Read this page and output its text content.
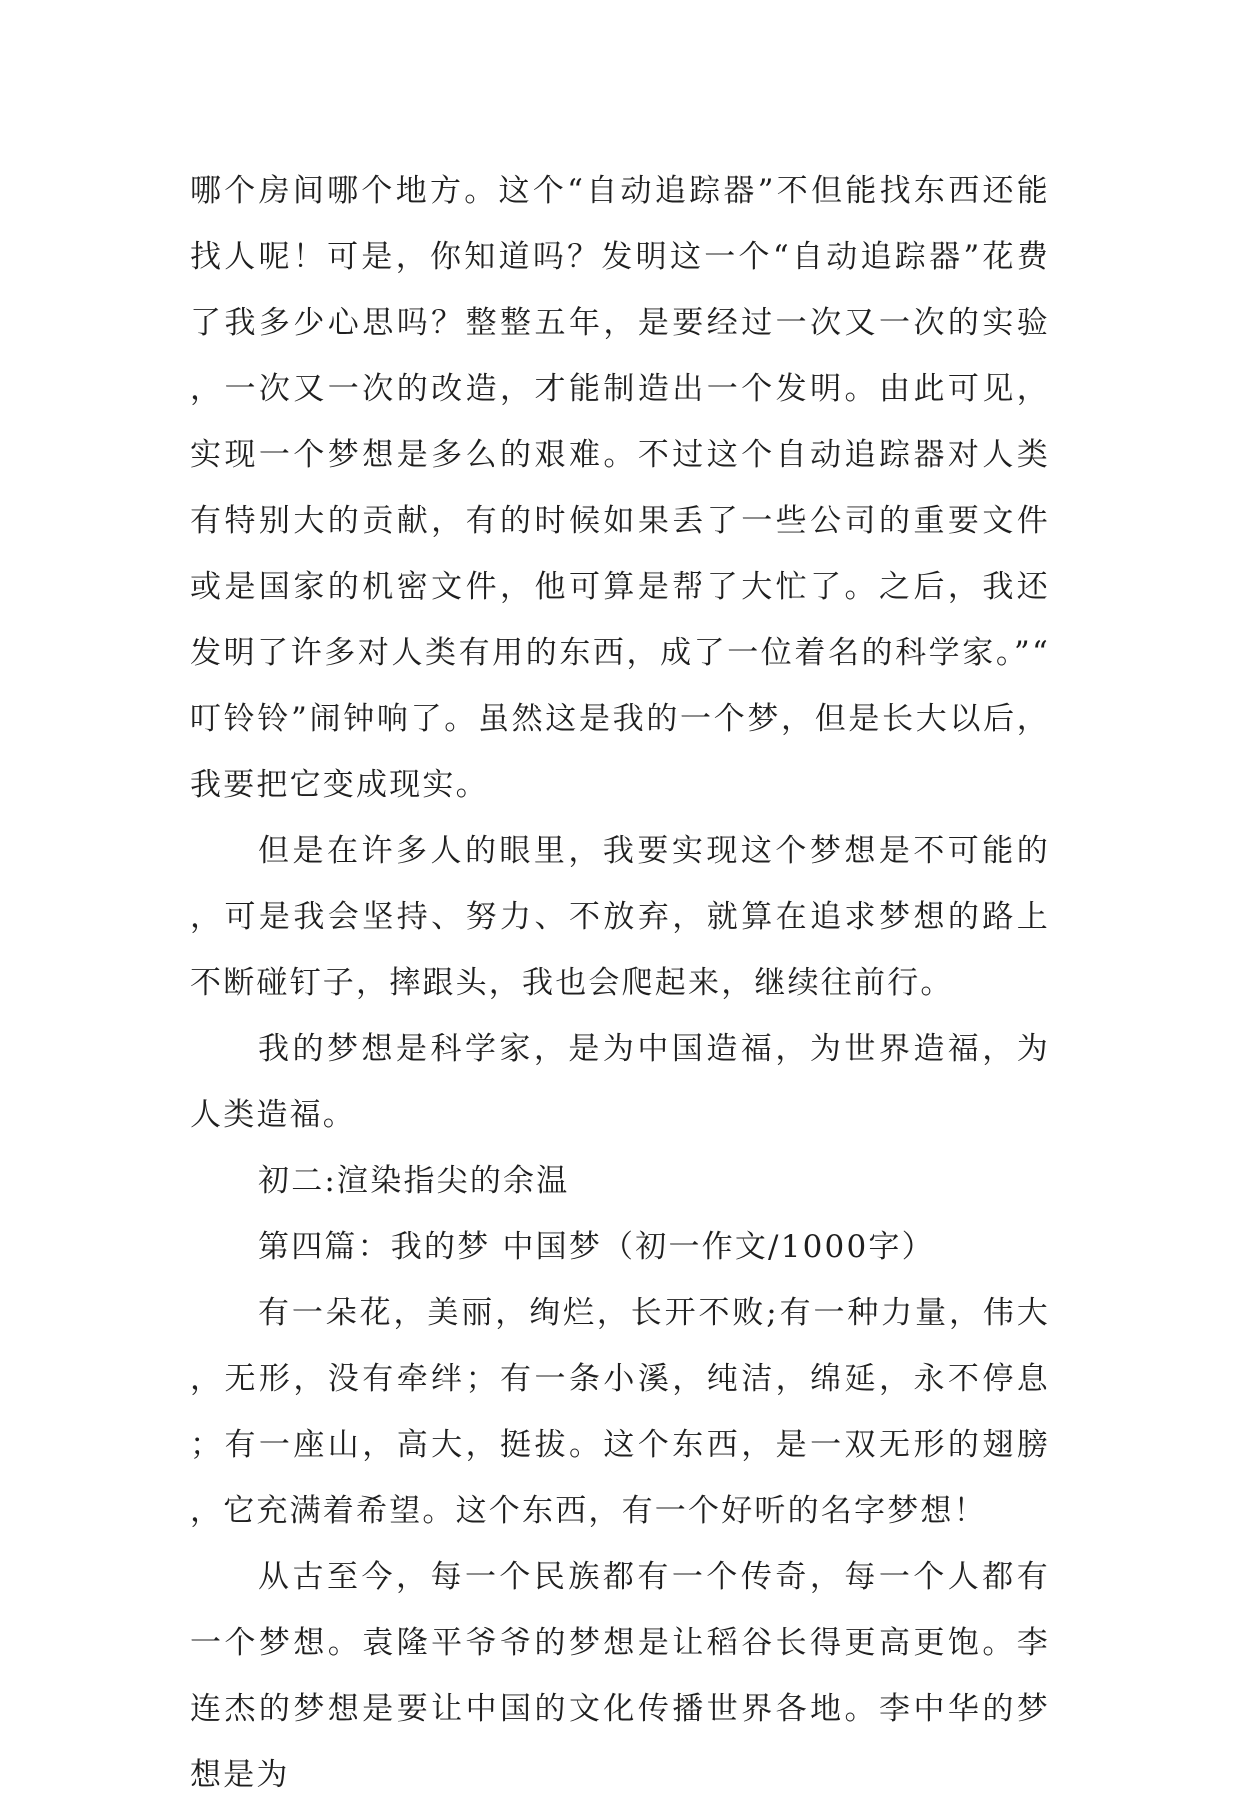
哪个房间哪个地方。这个“自动追踪器”不但能找东西还能找人呢！可是，你知道吗？发明这一个“自动追踪器”花费了我多少心思吗？整整五年，是要经过一次又一次的实验，一次又一次的改造，才能制造出一个发明。由此可见，实现一个梦想是多么的艰难。不过这个自动追踪器对人类有特别大的贡献，有的时候如果丢了一些公司的重要文件或是国家的机密文件，他可算是帮了大忙了。之后，我还发明了许多对人类有用的东西，成了一位着名的科学家。”“叮铃铃”闹钟响了。虽然这是我的一个梦，但是长大以后，我要把它变成现实。

但是在许多人的眼里，我要实现这个梦想是不可能的，可是我会坚持、努力、不放弃，就算在追求梦想的路上不断碰钉子，摔跟头，我也会爬起来，继续往前行。

我的梦想是科学家，是为中国造福，为世界造福，为人类造福。

初二:渲染指尖的余温

第四篇：我的梦 中国梦（初一作文/1000字）

有一朵花，美丽，绚烂，长开不败;有一种力量，伟大，无形，没有牵绊；有一条小溪，纯洁，绵延，永不停息；有一座山，高大，挺拔。这个东西，是一双无形的翅膀，它充满着希望。这个东西，有一个好听的名字梦想！

从古至今，每一个民族都有一个传奇，每一个人都有一个梦想。袁隆平爷爷的梦想是让稻谷长得更高更饱。李连杰的梦想是要让中国的文化传播世界各地。李中华的梦想是为
